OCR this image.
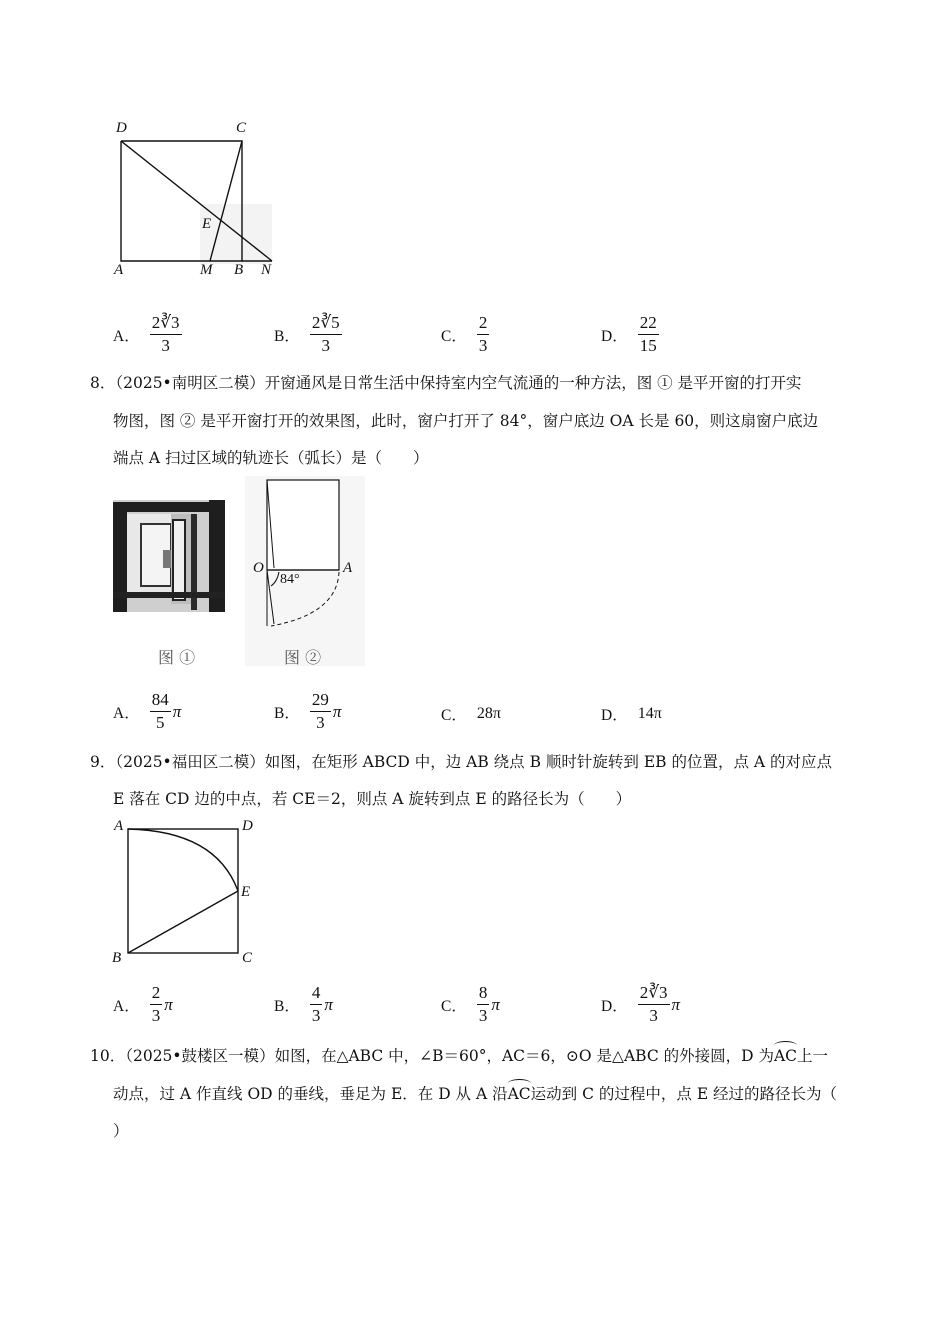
D	C
E
A	M B N
A． $\frac{2∛3}{3}$	B． $\frac{2∛5}{3}$	C． $\frac{2}{3}$	D． $\frac{22}{15}$
8．（2025•南明区二模）开窗通风是日常生活中保持室内空气流通的一种方法，图 ① 是平开窗的打开实
物图，图 ② 是平开窗打开的效果图，此时，窗户打开了 84°，窗户底边 OA 长是 60，则这扇窗户底边
端点 A 扫过区域的轨迹长（弧长）是（　　）
图 ①
O	A
84°
图 ②
A． $\frac{84}{5}$ π	B． $\frac{29}{3}$ π	C． 28π	D． 14π
9．（2025•福田区二模）如图，在矩形 ABCD 中，边 AB 绕点 B 顺时针旋转到 EB 的位置，点 A 的对应点
E 落在 CD 边的中点，若 CE＝2，则点 A 旋转到点 E 的路径长为（　　）
A	D
E
B	C
A． $\frac{2}{3}$ π	B． $\frac{4}{3}$ π	C． $\frac{8}{3}$ π	D． $\frac{2∛3}{3}$ π
10．（2025•鼓楼区一模）如图，在△ABC 中，∠B＝60°，AC＝6，⊙O 是△ABC 的外接圆，D 为AC上一
动点，过 A 作直线 OD 的垂线，垂足为 E．在 D 从 A 沿AC运动到 C 的过程中，点 E 经过的路径长为（
）
